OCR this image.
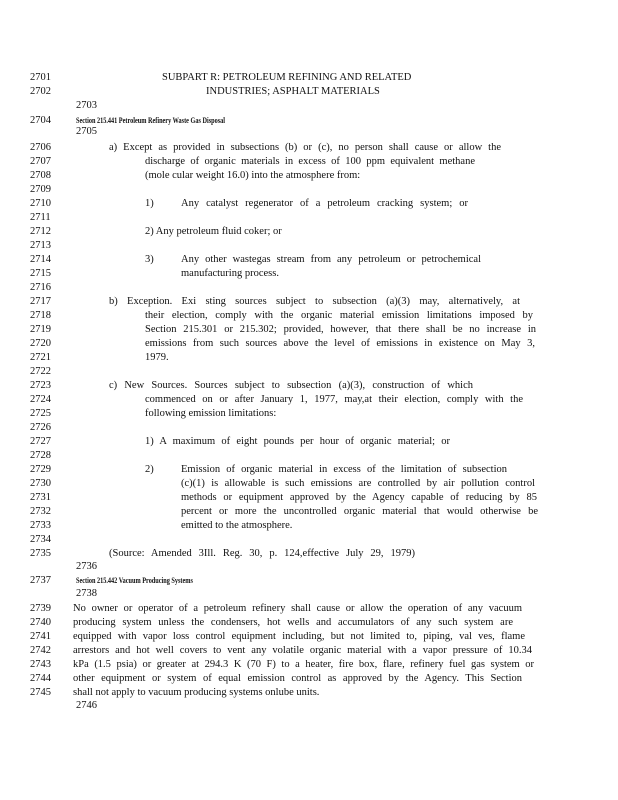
2701
2702
2703
2704
2705
2706
2707
2708
2709
2710
2711
2712
2713
2714
2715
2716
2717
2718
2719
2720
2721
2722
2723
2724
2725
2726
2727
2728
2729
2730
2731
2732
2733
2734
2735
2736
2737
2738
2739
2740
2741
2742
2743
2744
2745
2746
SUBPART R: PETROLEUM REFINING AND RELATED
INDUSTRIES; ASPHALT MATERIALS
Section 215.441 Petroleum Refinery Waste Gas Disposal
a) Except as provided in subsections (b) or (c), no person shall cause or allow the
discharge of organic materials in excess of 100 ppm equivalent methane
(mole cular weight 16.0) into the atmosphere from:
1)	Any catalyst regenerator of a petroleum cracking system; or
2) Any petroleum fluid coker; or
3)	Any other wastegas stream from any petroleum or petrochemical
manufacturing process.
b) Exception. Exi sting sources subject to subsection (a)(3) may, alternatively, at
their election, comply with the organic material emission limitations imposed by
Section 215.301 or 215.302; provided, however, that there shall be no increase in
emissions from such sources above the level of emissions in existence on May 3,
1979.
c) New Sources. Sources subject to subsection (a)(3), construction of which
commenced on or after January 1, 1977, may,at their election, comply with the
following emission limitations:
1) A maximum of eight pounds per hour of organic material; or
2)	Emission of organic material in excess of the limitation of subsection
(c)(1) is allowable is such emissions are controlled by air pollution control
methods or equipment approved by the Agency capable of reducing by 85
percent or more the uncontrolled organic material that would otherwise be
emitted to the atmosphere.
(Source: Amended 3Ill. Reg. 30, p. 124,effective July 29, 1979)
Section 215.442 Vacuum Producing Systems
No owner or operator of a petroleum refinery shall cause or allow the operation of any vacuum
producing system unless the condensers, hot wells and accumulators of any such system are
equipped with vapor loss control equipment including, but not limited to, piping, val ves, flame
arrestors and hot well covers to vent any volatile organic material with a vapor pressure of 10.34
kPa (1.5 psia) or greater at 294.3 K (70 F) to a heater, fire box, flare, refinery fuel gas system or
other equipment or system of equal emission control as approved by the Agency. This Section
shall not apply to vacuum producing systems onlube units.
